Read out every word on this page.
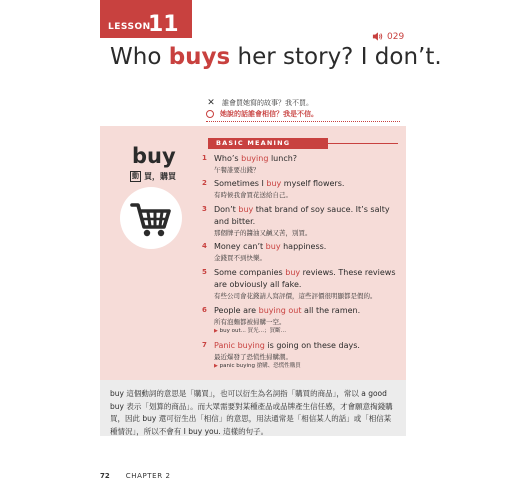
LESSON
11	029
Who buys her story? I don’t.
✕ 誰會買她寫的故事？我不買。
她說的話誰會相信？我是不信。
buy
動 買，購買
BASIC MEANING
1 Who’s buying lunch?
午餐誰要出錢？
2 Sometimes I buy myself flowers.
有時候我會買花送給自己。
3 Don’t buy that brand of soy sauce. It’s salty and bitter.
那個牌子的醬油又鹹又苦，別買。
4 Money can’t buy happiness.
金錢買不到快樂。
5 Some companies buy reviews. These reviews are obviously all fake.
有些公司會花錢請人寫評價，這些評價很明顯都是假的。
6 People are buying out all the ramen.
所有泡麵都被掃購一空。
▶ buy out... 買光…；買斷…
7 Panic buying is going on these days.
最近爆發了恐慌性掃購潮。
▶ panic buying 搶購、恐慌性購買
buy 這個動詞的意思是「購買」，也可以衍生為名詞指「購買的商品」，常以 a good buy 表示「划算的商品」。而大眾需要對某種產品或品牌產生信任感，才會願意掏錢購買，因此 buy 還可衍生出「相信」的意思，用法通常是「相信某人的話」或「相信某種情況」，所以不會有 I buy you. 這樣的句子。
72 CHAPTER 2
